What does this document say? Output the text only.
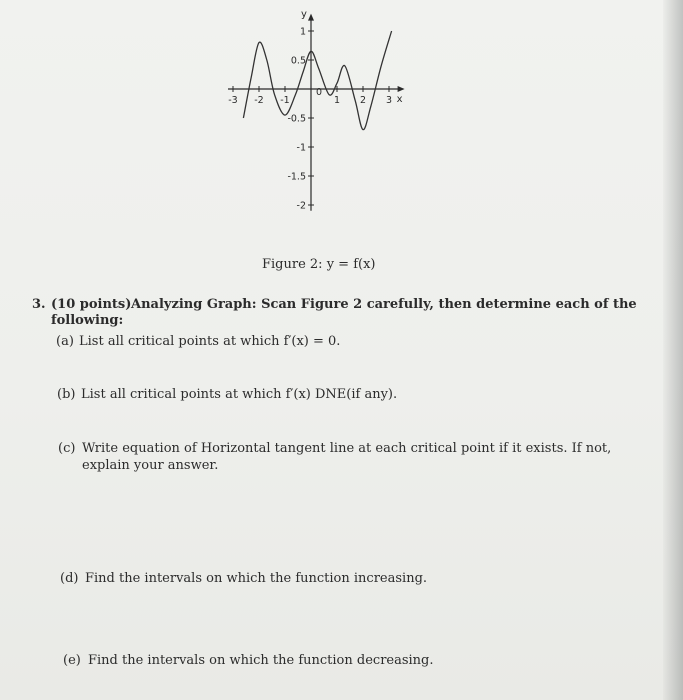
x
y
-3 -2 -1
0
1 2 3
1
0.5
-0.5
-1
-1.5
-2
Figure 2: y = f(x)
3. (10 points) Analyzing Graph: Scan Figure 2 carefully, then determine each of the
following:
(a) List all critical points at which f′(x) = 0.
(b) List all critical points at which f′(x) DNE(if any).
(c) Write equation of Horizontal tangent line at each critical point if it exists. If not, explain your answer.
(d) Find the intervals on which the function increasing.
(e) Find the intervals on which the function decreasing.
